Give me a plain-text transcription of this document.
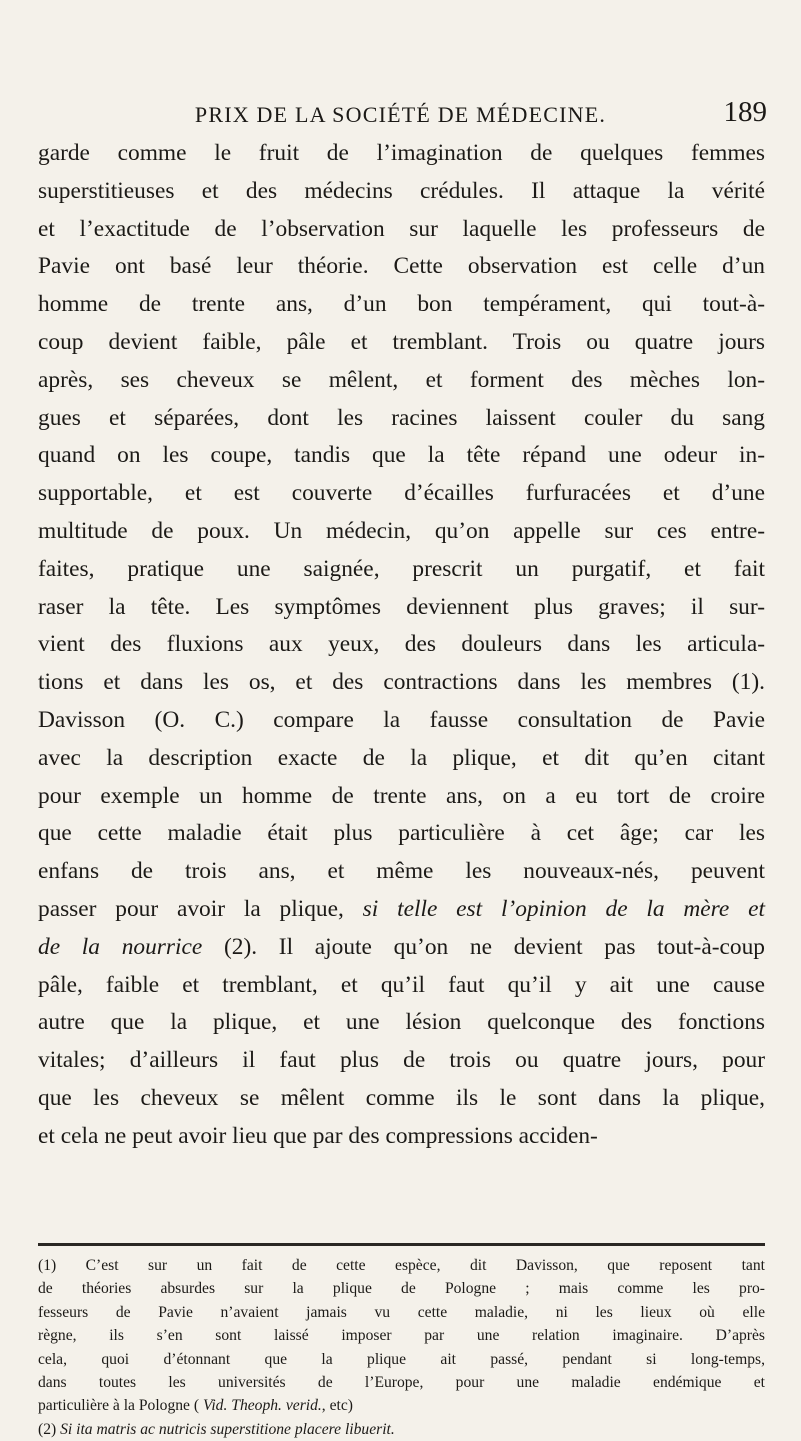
PRIX DE LA SOCIÉTÉ DE MÉDECINE.	189
garde comme le fruit de l’imagination de quelques femmes
superstitieuses et des médecins crédules. Il attaque la vérité
et l’exactitude de l’observation sur laquelle les professeurs de
Pavie ont basé leur théorie. Cette observation est celle d’un
homme de trente ans, d’un bon tempérament, qui tout-à-
coup devient faible, pâle et tremblant. Trois ou quatre jours
après, ses cheveux se mêlent, et forment des mèches lon-
gues et séparées, dont les racines laissent couler du sang
quand on les coupe, tandis que la tête répand une odeur in-
supportable, et est couverte d’écailles furfuracées et d’une
multitude de poux. Un médecin, qu’on appelle sur ces entre-
faites, pratique une saignée, prescrit un purgatif, et fait
raser la tête. Les symptômes deviennent plus graves; il sur-
vient des fluxions aux yeux, des douleurs dans les articula-
tions et dans les os, et des contractions dans les membres (1).
Davisson (O. C.) compare la fausse consultation de Pavie
avec la description exacte de la plique, et dit qu’en citant
pour exemple un homme de trente ans, on a eu tort de croire
que cette maladie était plus particulière à cet âge; car les
enfans de trois ans, et même les nouveaux-nés, peuvent
passer pour avoir la plique, si telle est l’opinion de la mère et
de la nourrice (2). Il ajoute qu’on ne devient pas tout-à-coup
pâle, faible et tremblant, et qu’il faut qu’il y ait une cause
autre que la plique, et une lésion quelconque des fonctions
vitales; d’ailleurs il faut plus de trois ou quatre jours, pour
que les cheveux se mêlent comme ils le sont dans la plique,
et cela ne peut avoir lieu que par des compressions acciden-
(1) C’est sur un fait de cette espèce, dit Davisson, que reposent tant
de théories absurdes sur la plique de Pologne ; mais comme les pro-
fesseurs de Pavie n’avaient jamais vu cette maladie, ni les lieux où elle
règne, ils s’en sont laissé imposer par une relation imaginaire. D’après
cela, quoi d’étonnant que la plique ait passé, pendant si long-temps,
dans toutes les universités de l’Europe, pour une maladie endémique et
particulière à la Pologne ( Vid. Theoph. verid., etc)
(2) Si ita matris ac nutricis superstitione placere libuerit.
